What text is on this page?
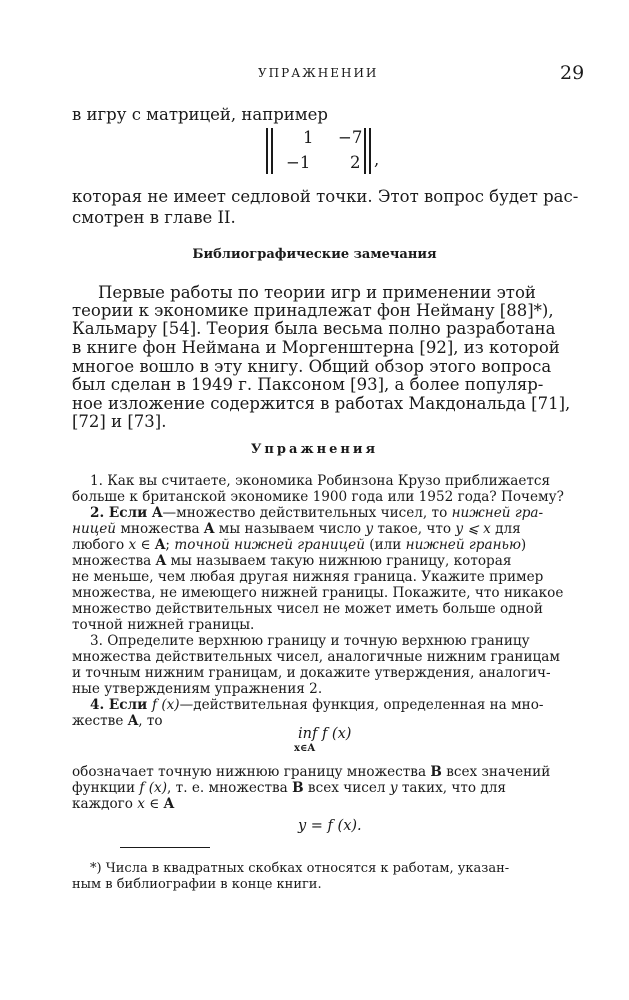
УПРАЖНЕНИИ	29
в игру с матрицей, например
1 −7
−1 2 ,
которая не имеет седловой точки. Этот вопрос будет рас-
смотрен в главе II.
Библиографические замечания
Первые работы по теории игр и применении этой
теории к экономике принадлежат фон Нейману [88]*),
Кальмару [54]. Теория была весьма полно разработана
в книге фон Неймана и Моргенштерна [92], из которой
многое вошло в эту книгу. Общий обзор этого вопроса
был сделан в 1949 г. Паксоном [93], а более популяр-
ное изложение содержится в работах Макдональда [71],
[72] и [73].
Упражнения
1. Как вы считаете, экономика Робинзона Крузо приближается
больше к британской экономике 1900 года или 1952 года? Почему?
2. Если A—множество действительных чисел, то нижней гра-
ницей множества A мы называем число y такое, что y ⩽ x для
любого x ∈ A; точной нижней границей (или нижней гранью)
множества A мы называем такую нижнюю границу, которая
не меньше, чем любая другая нижняя граница. Укажите пример
множества, не имеющего нижней границы. Покажите, что никакое
множество действительных чисел не может иметь больше одной
точной нижней границы.
3. Определите верхнюю границу и точную верхнюю границу
множества действительных чисел, аналогичные нижним границам
и точным нижним границам, и докажите утверждения, аналогич-
ные утверждениям упражнения 2.
4. Если f (x)—действительная функция, определенная на мно-
жестве A, то
inf f (x)
x∈A
обозначает точную нижнюю границу множества B всех значений
функции f (x), т. е. множества B всех чисел y таких, что для
каждого x ∈ A
y = f (x).
*) Числа в квадратных скобках относятся к работам, указан-
ным в библиографии в конце книги.
